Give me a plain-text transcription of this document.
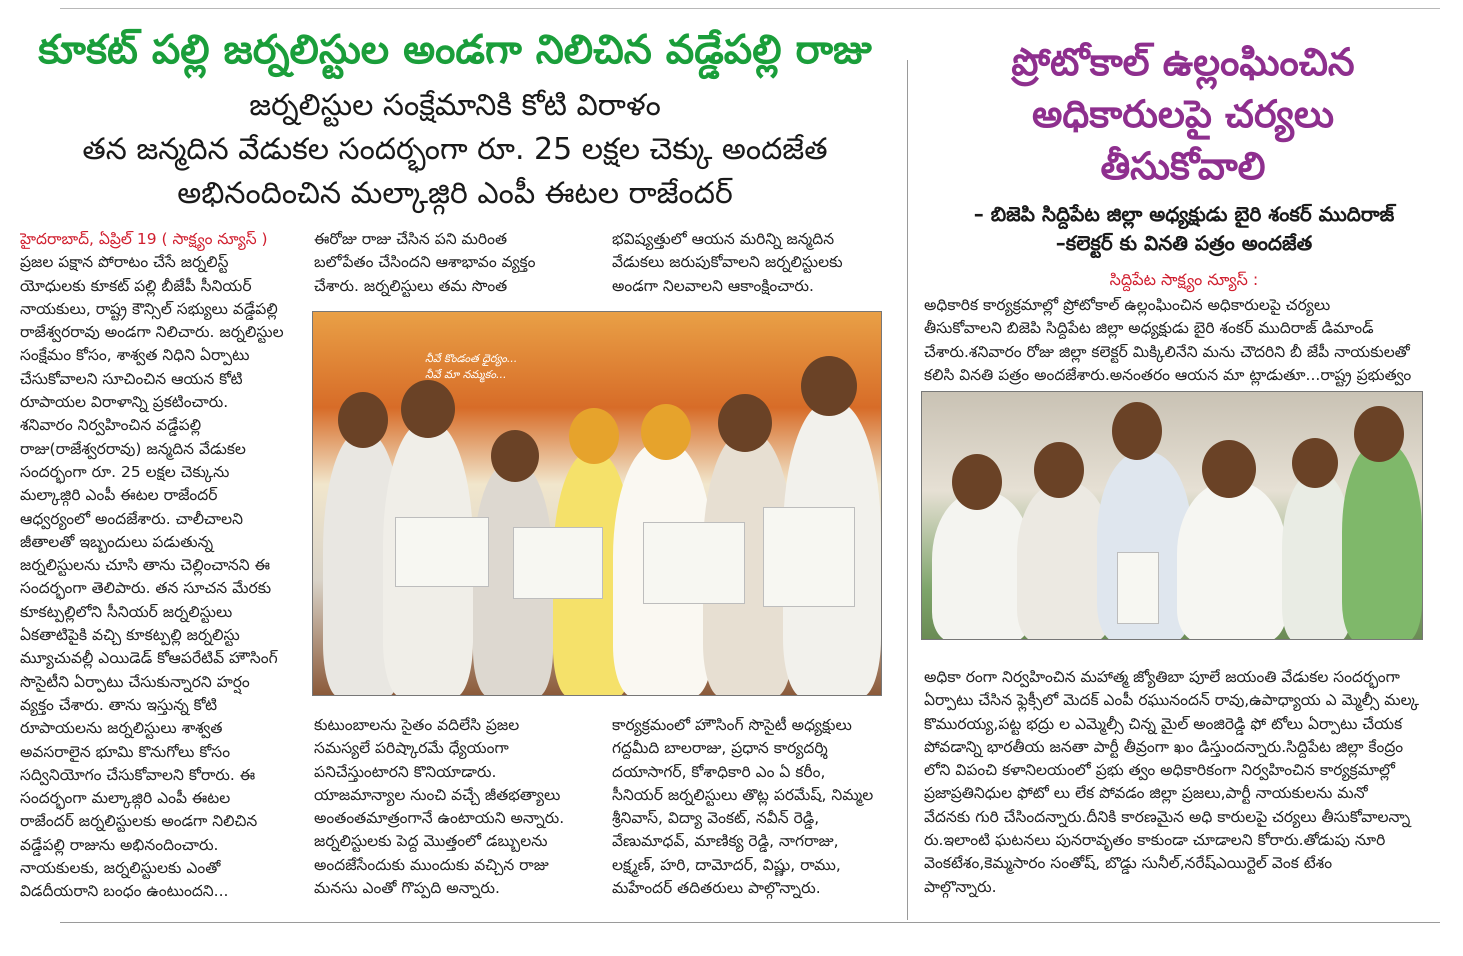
కూకట్ పల్లి జర్నలిస్టుల అండగా నిలిచిన వడ్డేపల్లి రాజు
జర్నలిస్టుల సంక్షేమానికి కోటి విరాళం
తన జన్మదిన వేడుకల సందర్భంగా రూ. 25 లక్షల చెక్కు అందజేత
అభినందించిన మల్కాజ్గిరి ఎంపీ ఈటల రాజేందర్
హైదరాబాద్, ఏప్రిల్ 19 ( సాక్ష్యం న్యూస్ )
ప్రజల పక్షాన పోరాటం చేసే జర్నలిస్ట్
యోధులకు కూకట్ పల్లి బీజేపీ సీనియర్
నాయకులు, రాష్ట్ర కౌన్సిల్ సభ్యులు వడ్డేపల్లి
రాజేశ్వరరావు అండగా నిలిచారు. జర్నలిస్టుల
సంక్షేమం కోసం, శాశ్వత నిధిని ఏర్పాటు
చేసుకోవాలని సూచించిన ఆయన కోటి
రూపాయల విరాళాన్ని ప్రకటించారు.
శనివారం నిర్వహించిన వడ్డేపల్లి
రాజు(రాజేశ్వరరావు) జన్మదిన వేడుకల
సందర్భంగా రూ. 25 లక్షల చెక్కును
మల్కాజ్గిరి ఎంపీ ఈటల రాజేందర్
ఆధ్వర్యంలో అందజేశారు. చాలీచాలని
జీతాలతో ఇబ్బందులు పడుతున్న
జర్నలిస్టులను చూసి తాను చెల్లించానని ఈ
సందర్భంగా తెలిపారు. తన సూచన మేరకు
కూకట్పల్లిలోని సీనియర్ జర్నలిస్టులు
ఏకతాటిపైకి వచ్చి కూకట్పల్లి జర్నలిస్టు
మ్యూచువల్లీ ఎయిడెడ్ కోఆపరేటివ్ హౌసింగ్
సొసైటీని ఏర్పాటు చేసుకున్నారని హర్షం
వ్యక్తం చేశారు. తాను ఇస్తున్న కోటి
రూపాయలను జర్నలిస్టులు శాశ్వత
అవసరాలైన భూమి కొనుగోలు కోసం
సద్వినియోగం చేసుకోవాలని కోరారు. ఈ
సందర్భంగా మల్కాజ్గిరి ఎంపీ ఈటల
రాజేందర్ జర్నలిస్టులకు అండగా నిలిచిన
వడ్డేపల్లి రాజును అభినందించారు.
నాయకులకు, జర్నలిస్టులకు ఎంతో
విడదీయరాని బంధం ఉంటుందని...
ఈరోజు రాజు చేసిన పని మరింత
బలోపేతం చేసిందని ఆశాభావం వ్యక్తం
చేశారు. జర్నలిస్టులు తమ సొంత
భవిష్యత్తులో ఆయన మరిన్ని జన్మదిన
వేడుకలు జరుపుకోవాలని జర్నలిస్టులకు
అండగా నిలవాలని ఆకాంక్షించారు.
నీవే కొండంత ధైర్యం...
నీవే మా నమ్మకం...
కుటుంబాలను సైతం వదిలేసి ప్రజల
సమస్యలే పరిష్కారమే ధ్యేయంగా
పనిచేస్తుంటారని కొనియాడారు.
యాజమాన్యాల నుంచి వచ్చే జీతభత్యాలు
అంతంతమాత్రంగానే ఉంటాయని అన్నారు.
జర్నలిస్టులకు పెద్ద మొత్తంలో డబ్బులను
అందజేసేందుకు ముందుకు వచ్చిన రాజు
మనసు ఎంతో గొప్పది అన్నారు.
కార్యక్రమంలో హౌసింగ్ సొసైటీ అధ్యక్షులు
గద్దమీది బాలరాజు, ప్రధాన కార్యదర్శి
దయాసాగర్, కోశాధికారి ఎం ఏ కరీం,
సీనియర్ జర్నలిస్టులు తొట్ల పరమేష్, నిమ్మల
శ్రీనివాస్, విద్యా వెంకట్, నవీన్ రెడ్డి,
వేణుమాధవ్, మాణిక్య రెడ్డి, నాగరాజు,
లక్ష్మణ్, హరి, దామోదర్, విష్ణు, రాము,
మహేందర్ తదితరులు పాల్గొన్నారు.
ప్రోటోకాల్ ఉల్లంఘించిన
అధికారులపై చర్యలు
తీసుకోవాలి
– బిజెపి సిద్దిపేట జిల్లా అధ్యక్షుడు బైరి శంకర్ ముదిరాజ్
–కలెక్టర్ కు వినతి పత్రం అందజేత
సిద్దిపేట సాక్ష్యం న్యూస్ :
అధికారిక కార్యక్రమాల్లో ప్రోటోకాల్ ఉల్లంఘించిన అధికారులపై చర్యలు
తీసుకోవాలని బిజెపి సిద్దిపేట జిల్లా అధ్యక్షుడు బైరి శంకర్ ముదిరాజ్ డిమాండ్
చేశారు.శనివారం రోజు జిల్లా కలెక్టర్ మిక్కిలినేని మను చౌదరిని బీ జేపీ నాయకులతో
కలిసి వినతి పత్రం అందజేశారు.అనంతరం ఆయన మా ట్లాడుతూ...రాష్ట్ర ప్రభుత్వం
అధికా రంగా నిర్వహించిన మహాత్మ జ్యోతిబా పూలే జయంతి వేడుకల సందర్భంగా
ఏర్పాటు చేసిన ఫ్లెక్సీలో మెదక్ ఎంపీ రఘునందన్ రావు,ఉపాధ్యాయ ఎ మ్మెల్సీ మల్క
కొమురయ్య,పట్ట భద్రు ల ఎమ్మెల్సీ చిన్న మైల్ అంజిరెడ్డి ఫో టోలు ఏర్పాటు చేయక
పోవడాన్ని భారతీయ జనతా పార్టీ తీవ్రంగా ఖం డిస్తుందన్నారు.సిద్దిపేట జిల్లా కేంద్రం
లోని విపంచి కళానిలయంలో ప్రభు త్వం అధికారికంగా నిర్వహించిన కార్యక్రమాల్లో
ప్రజాప్రతినిధుల ఫోటో లు లేక పోవడం జిల్లా ప్రజలు,పార్టీ నాయకులను మనో
వేదనకు గురి చేసిందన్నారు.దీనికి కారణమైన అధి కారులపై చర్యలు తీసుకోవాలన్నా
రు.ఇలాంటి ఘటనలు పునరావృతం కాకుండా చూడాలని కోరారు.తోడుపు నూరి
వెంకటేశం,కెమ్మసారం సంతోష్, బొడ్డు సునీల్,నరేష్ఎయిర్టెల్ వెంక టేశం
పాల్గొన్నారు.
